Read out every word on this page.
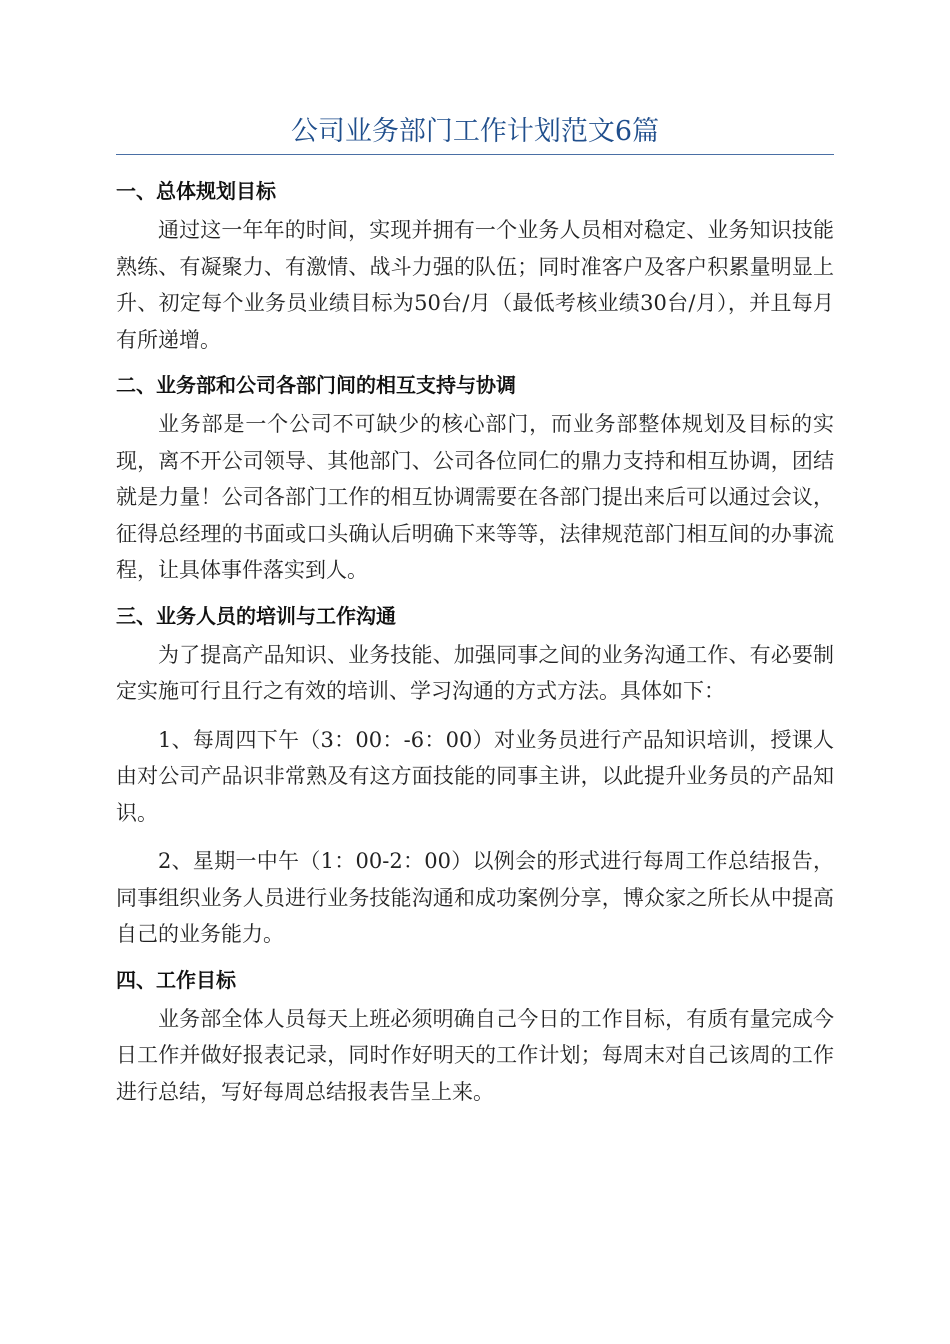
公司业务部门工作计划范文6篇

一、总体规划目标

通过这一年年的时间，实现并拥有一个业务人员相对稳定、业务知识技能熟练、有凝聚力、有激情、战斗力强的队伍；同时准客户及客户积累量明显上升、初定每个业务员业绩目标为50台/月（最低考核业绩30台/月），并且每月有所递增。

二、业务部和公司各部门间的相互支持与协调

业务部是一个公司不可缺少的核心部门，而业务部整体规划及目标的实现，离不开公司领导、其他部门、公司各位同仁的鼎力支持和相互协调，团结就是力量！公司各部门工作的相互协调需要在各部门提出来后可以通过会议，征得总经理的书面或口头确认后明确下来等等，法律规范部门相互间的办事流程，让具体事件落实到人。

三、业务人员的培训与工作沟通

为了提高产品知识、业务技能、加强同事之间的业务沟通工作、有必要制定实施可行且行之有效的培训、学习沟通的方式方法。具体如下：

1、每周四下午（3：00：-6：00）对业务员进行产品知识培训，授课人由对公司产品识非常熟及有这方面技能的同事主讲，以此提升业务员的产品知识。

2、星期一中午（1：00-2：00）以例会的形式进行每周工作总结报告，同事组织业务人员进行业务技能沟通和成功案例分享，博众家之所长从中提高自己的业务能力。

四、工作目标

业务部全体人员每天上班必须明确自己今日的工作目标，有质有量完成今日工作并做好报表记录，同时作好明天的工作计划；每周末对自己该周的工作进行总结，写好每周总结报表告呈上来。
